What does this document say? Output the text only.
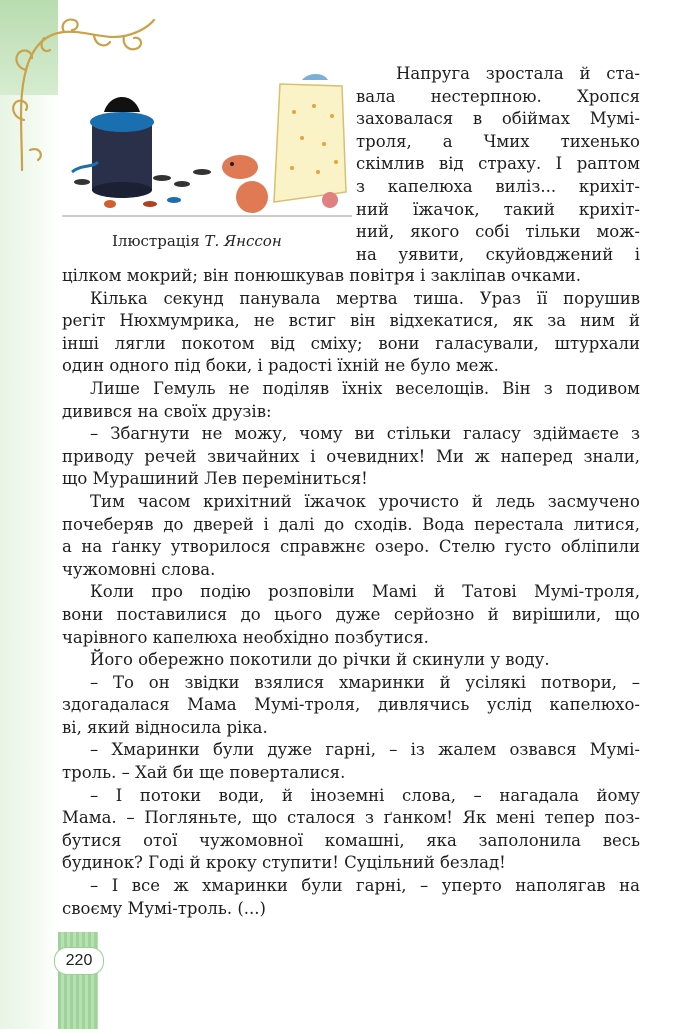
Ілюстрація Т. Янссон
Напруга зростала й ста-
вала нестерпною. Хропся
заховалася в обіймах Мумі-
троля, а Чмих тихенько
скімлив від страху. І раптом
з капелюха виліз... крихіт-
ний їжачок, такий крихіт-
ний, якого собі тільки мож-
на уявити, скуйовджений і
цілком мокрий; він понюшкував повітря і закліпав очками.
Кілька секунд панувала мертва тиша. Ураз її порушив
регіт Нюхмумрика, не встиг він відхекатися, як за ним й
інші лягли покотом від сміху; вони галасували, штурхали
один одного під боки, і радості їхній не було меж.
Лише Гемуль не поділяв їхніх веселощів. Він з подивом
дивився на своїх друзів:
– Збагнути не можу, чому ви стільки галасу здіймаєте з
приводу речей звичайних і очевидних! Ми ж наперед знали,
що Мурашиний Лев переміниться!
Тим часом крихітний їжачок урочисто й ледь засмучено
почеберяв до дверей і далі до сходів. Вода перестала литися,
а на ґанку утворилося справжнє озеро. Стелю густо обліпили
чужомовні слова.
Коли про подію розповіли Мамі й Татові Мумі-троля,
вони поставилися до цього дуже серйозно й вирішили, що
чарівного капелюха необхідно позбутися.
Його обережно покотили до річки й скинули у воду.
– То он звідки взялися хмаринки й усілякі потвори, –
здогадалася Мама Мумі-троля, дивлячись услід капелюхо-
ві, який відносила ріка.
– Хмаринки були дуже гарні, – із жалем озвався Мумі-
троль. – Хай би ще поверталися.
– І потоки води, й іноземні слова, – нагадала йому
Мама. – Погляньте, що сталося з ґанком! Як мені тепер поз-
бутися отої чужомовної комашні, яка заполонила весь
будинок? Годі й кроку ступити! Суцільний безлад!
– І все ж хмаринки були гарні, – уперто наполягав на
своєму Мумі-троль. (...)
220
